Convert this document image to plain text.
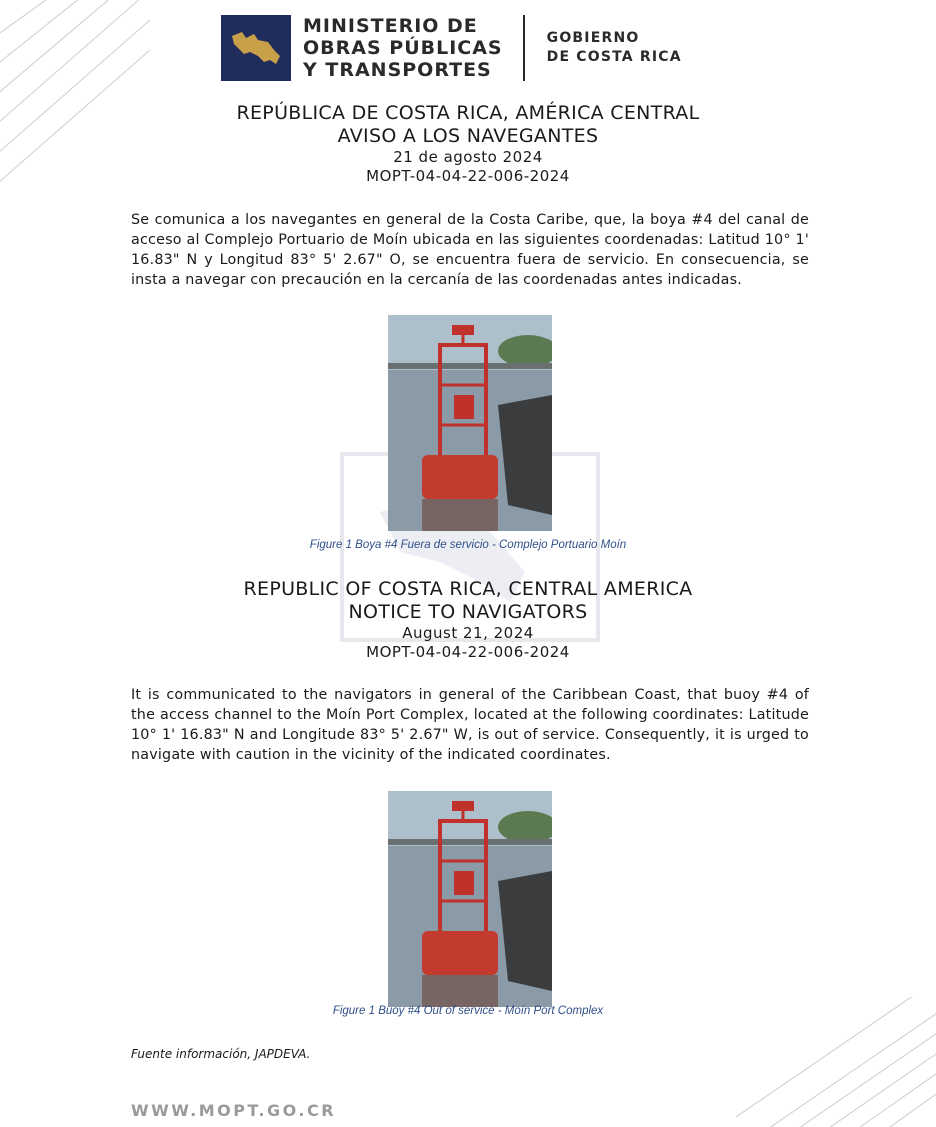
MINISTERIO DE
OBRAS PÚBLICAS
Y TRANSPORTES
GOBIERNO
DE COSTA RICA
REPÚBLICA DE COSTA RICA, AMÉRICA CENTRAL
AVISO A LOS NAVEGANTES
21 de agosto 2024
MOPT-04-04-22-006-2024
Se comunica a los navegantes en general de la Costa Caribe, que, la boya #4 del canal de acceso al Complejo Portuario de Moín ubicada en las siguientes coordenadas: Latitud 10° 1' 16.83" N y Longitud 83° 5' 2.67" O, se encuentra fuera de servicio. En consecuencia, se insta a navegar con precaución en la cercanía de las coordenadas antes indicadas.
Figure 1 Boya #4 Fuera de servicio - Complejo Portuario Moín
REPUBLIC OF COSTA RICA, CENTRAL AMERICA
NOTICE TO NAVIGATORS
August 21, 2024
MOPT-04-04-22-006-2024
It is communicated to the navigators in general of the Caribbean Coast, that buoy #4 of the access channel to the Moín Port Complex, located at the following coordinates: Latitude 10° 1' 16.83" N and Longitude 83° 5' 2.67" W, is out of service. Consequently, it is urged to navigate with caution in the vicinity of the indicated coordinates.
Figure 1 Buoy #4 Out of service - Moín Port Complex
Fuente información, JAPDEVA.
WWW.MOPT.GO.CR
